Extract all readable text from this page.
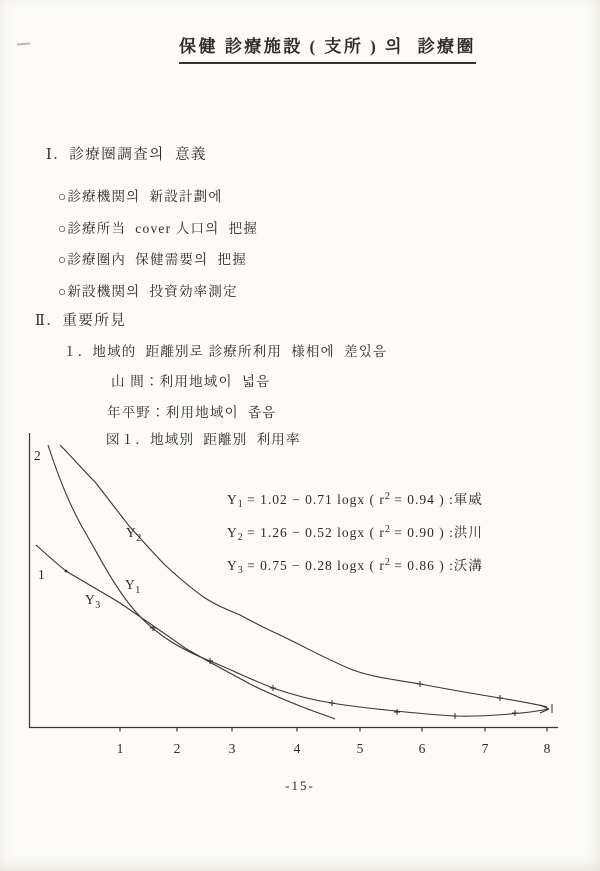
保健 診療施設 ( 支所 ) 의  診療圈
Ⅰ．診療圈調査의  意義
○診療機関의  新設計劃에
○診療所当  cover 人口의  把握
○診療圈內  保健需要의  把握
○新設機関의  投資効率測定
Ⅱ．重要所見
１．地域的  距離別로 診療所利用  様相에  差있음
山 間：利用地域이  넓음
年平野：利用地域이  좁음
図１．地域別  距離別  利用率
$Y_1 = 1.02 - 0.71$ logx ( $r^2 = 0.94$ ) :軍威
$Y_2 = 1.26 - 0.52$ logx ( $r^2 = 0.90$ ) :洪川
$Y_3 = 0.75 - 0.28$ logx ( $r^2 = 0.86$ ) :沃溝
2
1
1	2	3	4	5	6	7	8
$Y_2$
$Y_1$
$Y_3$
-15-
